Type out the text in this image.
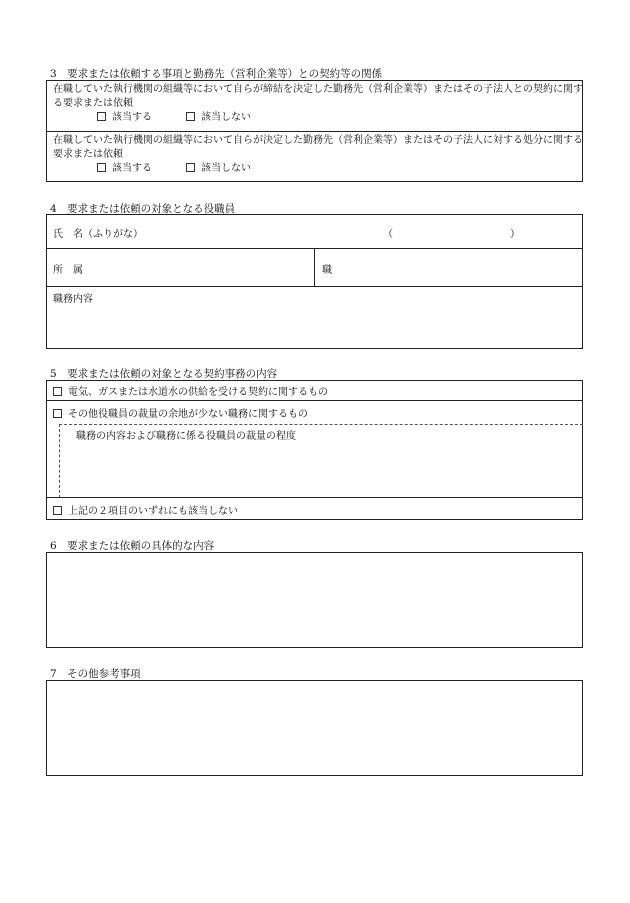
3　要求または依頼する事項と勤務先（営利企業等）との契約等の関係
在職していた執行機関の組織等において自らが締結を決定した勤務先（営利企業等）またはその子法人との契約に関する要求または依頼
該当する	該当しない
在職していた執行機関の組織等において自らが決定した勤務先（営利企業等）またはその子法人に対する処分に関する要求または依頼
該当する	該当しない
4　要求または依頼の対象となる役職員
氏　名（ふりがな）	（	）
所　属	職
職務内容
5　要求または依頼の対象となる契約事務の内容
電気、ガスまたは水道水の供給を受ける契約に関するもの
その他役職員の裁量の余地が少ない職務に関するもの
職務の内容および職務に係る役職員の裁量の程度
上記の２項目のいずれにも該当しない
6　要求または依頼の具体的な内容
7　その他参考事項
